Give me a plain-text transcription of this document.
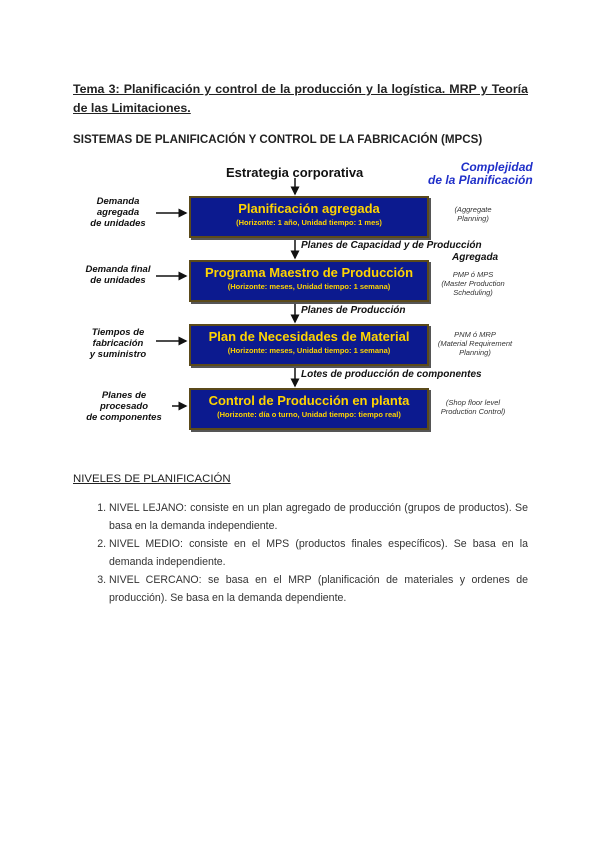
Tema 3: Planificación y control de la producción y la logística. MRP y Teoría de las Limitaciones.
SISTEMAS DE PLANIFICACIÓN Y CONTROL DE LA FABRICACIÓN (MPCS)
Estrategia corporativa	Complejidad
de la Planificación
Planificación agregada
(Horizonte: 1 año, Unidad tiempo: 1 mes)
Programa Maestro de Producción
(Horizonte: meses, Unidad tiempo: 1 semana)
Plan de Necesidades de Material
(Horizonte: meses, Unidad tiempo: 1 semana)
Control de Producción en planta
(Horizonte: día o turno, Unidad tiempo: tiempo real)
Demanda
agregada
de unidades
Demanda final
de unidades
Tiempos de
fabricación
y suministro
Planes de
procesado
de componentes
(Aggregate
Planning)
PMP ó MPS
(Master Production
Scheduling)
PNM ó MRP
(Material Requirement
Planning)
(Shop floor level
Production Control)
Planes de Capacidad y de Producción
Agregada
Planes de Producción
Lotes de producción de componentes
NIVELES DE PLANIFICACIÓN
1. NIVEL LEJANO: consiste en un plan agregado de producción (grupos de productos). Se basa en la demanda independiente.
2. NIVEL MEDIO: consiste en el MPS (productos finales específicos). Se basa en la demanda independiente.
3. NIVEL CERCANO: se basa en el MRP (planificación de materiales y ordenes de producción). Se basa en la demanda dependiente.
